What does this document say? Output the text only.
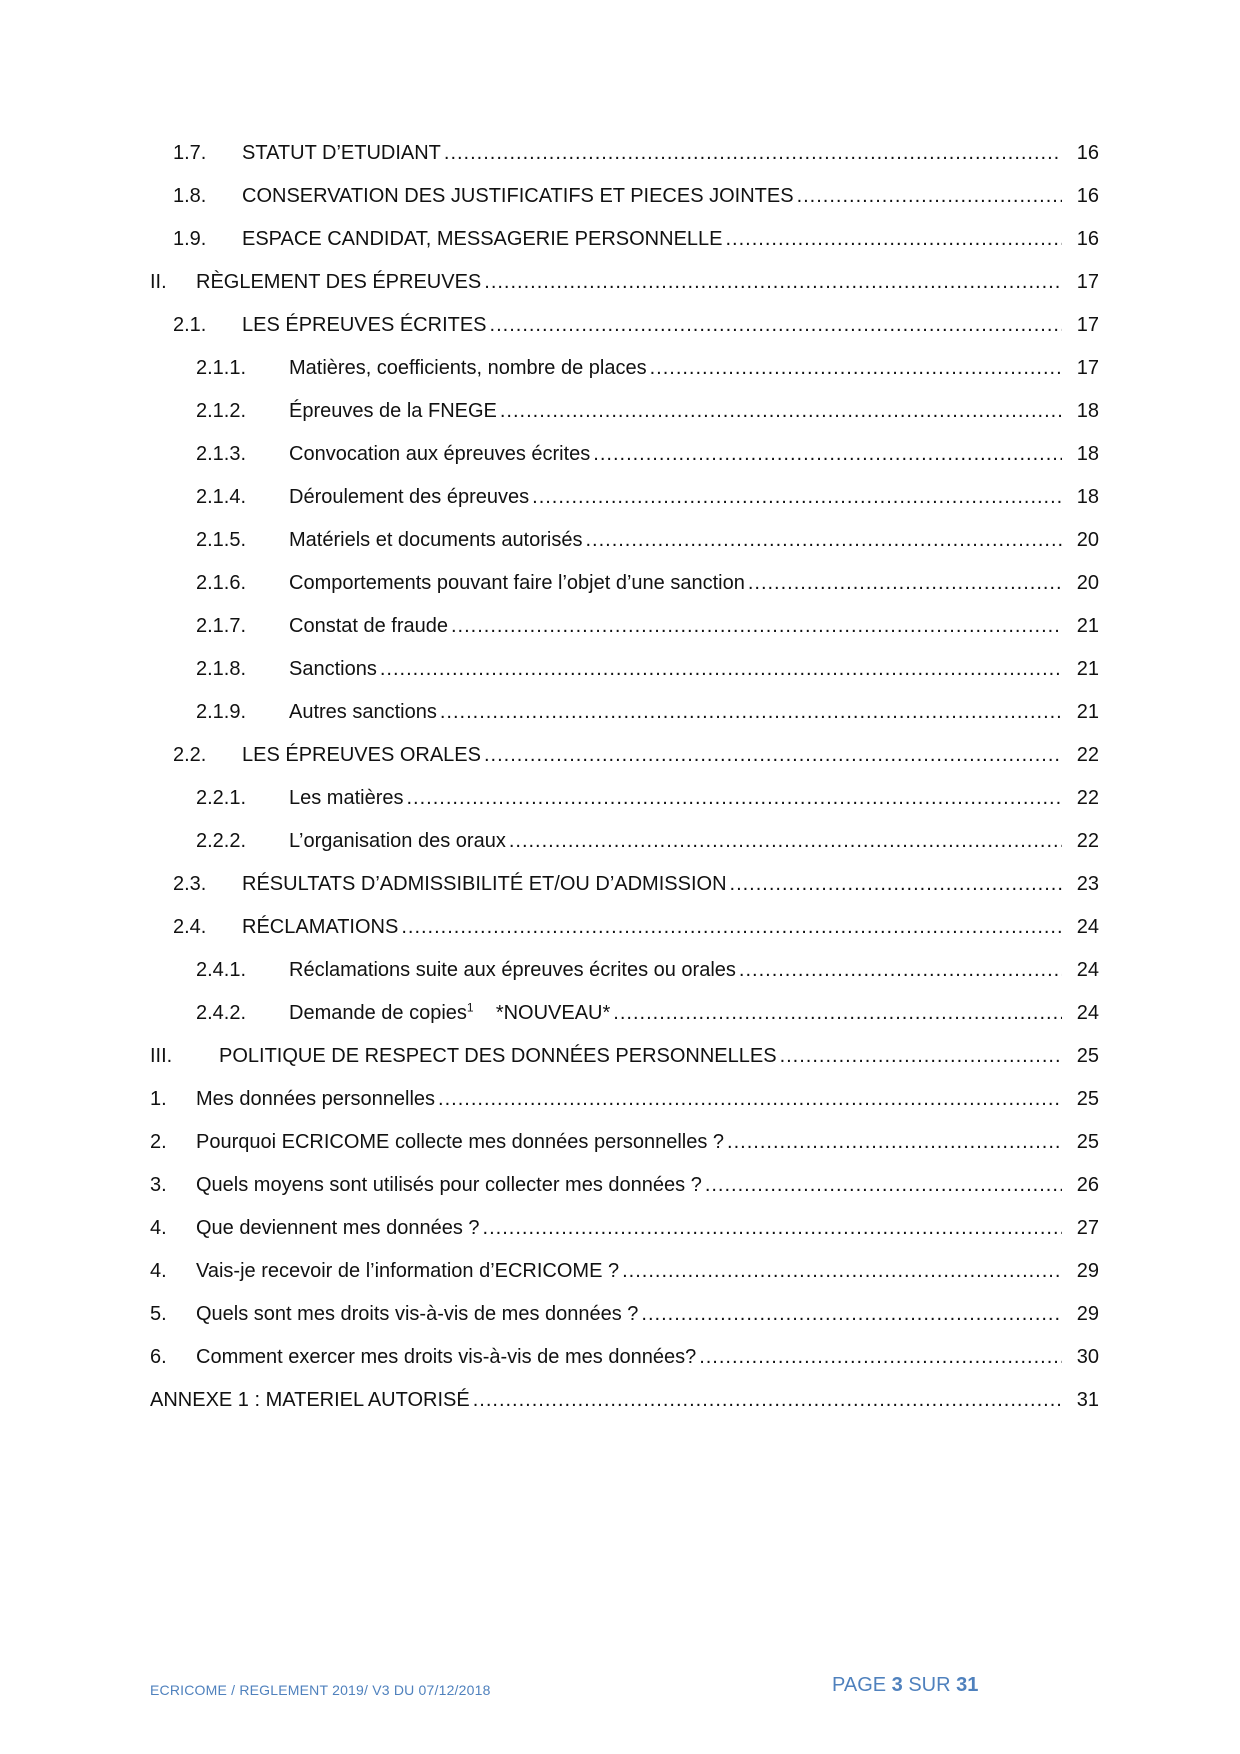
1.7. STATUT D’ETUDIANT .....	16
1.8. CONSERVATION DES JUSTIFICATIFS ET PIECES JOINTES .....	16
1.9. ESPACE CANDIDAT, MESSAGERIE PERSONNELLE .....	16
II. RÈGLEMENT DES ÉPREUVES .....	17
2.1. LES ÉPREUVES ÉCRITES .....	17
2.1.1. Matières, coefficients, nombre de places .....	17
2.1.2. Épreuves de la FNEGE .....	18
2.1.3. Convocation aux épreuves écrites .....	18
2.1.4. Déroulement des épreuves .....	18
2.1.5. Matériels et documents autorisés .....	20
2.1.6. Comportements pouvant faire l’objet d’une sanction .....	20
2.1.7. Constat de fraude .....	21
2.1.8. Sanctions .....	21
2.1.9. Autres sanctions .....	21
2.2. LES ÉPREUVES ORALES .....	22
2.2.1. Les matières .....	22
2.2.2. L’organisation des oraux .....	22
2.3. RÉSULTATS D’ADMISSIBILITÉ ET/OU D’ADMISSION .....	23
2.4. RÉCLAMATIONS .....	24
2.4.1. Réclamations suite aux épreuves écrites ou orales .....	24
2.4.2. Demande de copies$^1$ *NOUVEAU* .....	24
III. POLITIQUE DE RESPECT DES DONNÉES PERSONNELLES .....	25
1. Mes données personnelles .....	25
2. Pourquoi ECRICOME collecte mes données personnelles ? .....	25
3. Quels moyens sont utilisés pour collecter mes données ? .....	26
4. Que deviennent mes données ? .....	27
4. Vais-je recevoir de l’information d’ECRICOME ? .....	29
5. Quels sont mes droits vis-à-vis de mes données ? .....	29
6. Comment exercer mes droits vis-à-vis de mes données? .....	30
ANNEXE 1 : MATERIEL AUTORISÉ .....	31
ECRICOME / REGLEMENT 2019/ V3 DU 07/12/2018	PAGE 3 SUR 31
